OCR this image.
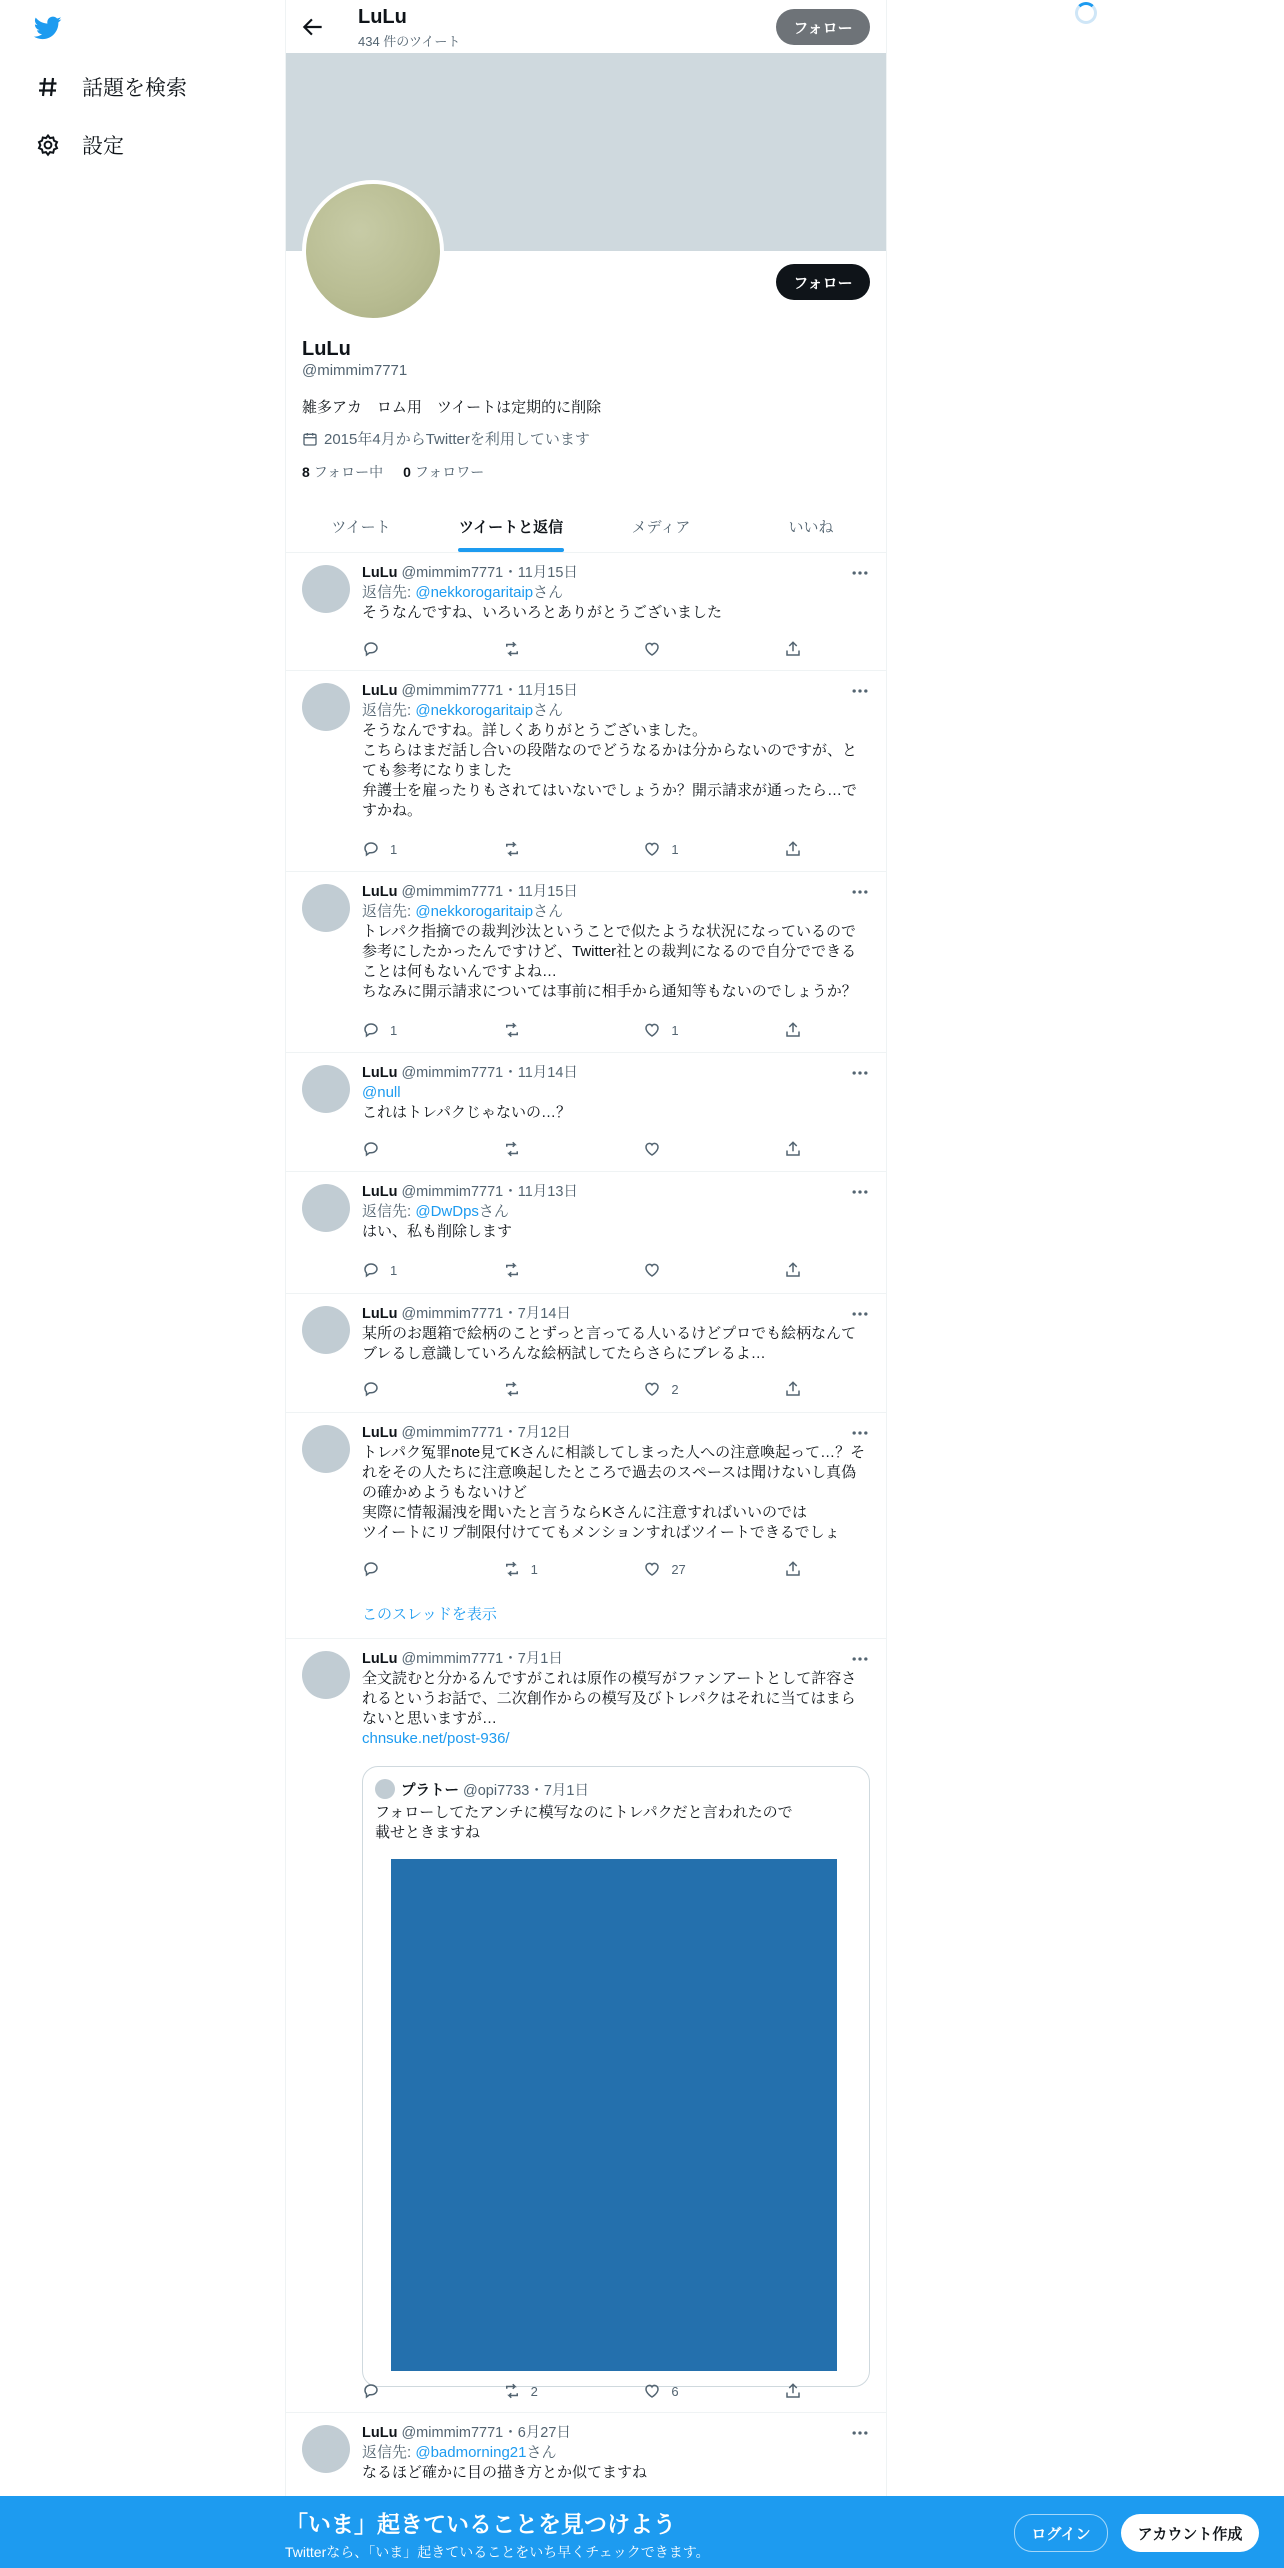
話題を検索
設定
LuLu
434 件のツイート
フォロー
フォロー
LuLu
@mimmim7771
雑多アカ　ロム用　ツイートは定期的に削除
2015年4月からTwitterを利用しています
8 フォロー中 0 フォロワー
ツイート	ツイートと返信	メディア	いいね
LuLu @mimmim7771・11月15日
返信先: @nekkorogaritaipさん
そうなんですね、いろいろとありがとうございました
LuLu @mimmim7771・11月15日
返信先: @nekkorogaritaipさん
そうなんですね。詳しくありがとうございました。
こちらはまだ話し合いの段階なのでどうなるかは分からないのですが、とても参考になりました
弁護士を雇ったりもされてはいないでしょうか？開示請求が通ったら…ですかね。
1	1
LuLu @mimmim7771・11月15日
返信先: @nekkorogaritaipさん
トレパク指摘での裁判沙汰ということで似たような状況になっているので参考にしたかったんですけど、Twitter社との裁判になるので自分でできることは何もないんですよね…
ちなみに開示請求については事前に相手から通知等もないのでしょうか？
1	1
LuLu @mimmim7771・11月14日
@null
これはトレパクじゃないの…？
LuLu @mimmim7771・11月13日
返信先: @DwDpsさん
はい、私も削除します
1
LuLu @mimmim7771・7月14日
某所のお題箱で絵柄のことずっと言ってる人いるけどプロでも絵柄なんてブレるし意識していろんな絵柄試してたらさらにブレるよ…
2
LuLu @mimmim7771・7月12日
トレパク冤罪note見てKさんに相談してしまった人への注意喚起って…？それをその人たちに注意喚起したところで過去のスペースは聞けないし真偽の確かめようもないけど
実際に情報漏洩を聞いたと言うならKさんに注意すればいいのでは
ツイートにリプ制限付けててもメンションすればツイートできるでしょ
1	27
このスレッドを表示
LuLu @mimmim7771・7月1日
全文読むと分かるんですがこれは原作の模写がファンアートとして許容されるというお話で、二次創作からの模写及びトレパクはそれに当てはまらないと思いますが…
chnsuke.net/post-936/
プラトー @opi7733・7月1日
フォローしてたアンチに模写なのにトレパクだと言われたので
載せときますね
2	6
LuLu @mimmim7771・6月27日
返信先: @badmorning21さん
なるほど確かに目の描き方とか似てますね
「いま」起きていることを見つけよう
Twitterなら、「いま」起きていることをいち早くチェックできます。
ログイン	アカウント作成
